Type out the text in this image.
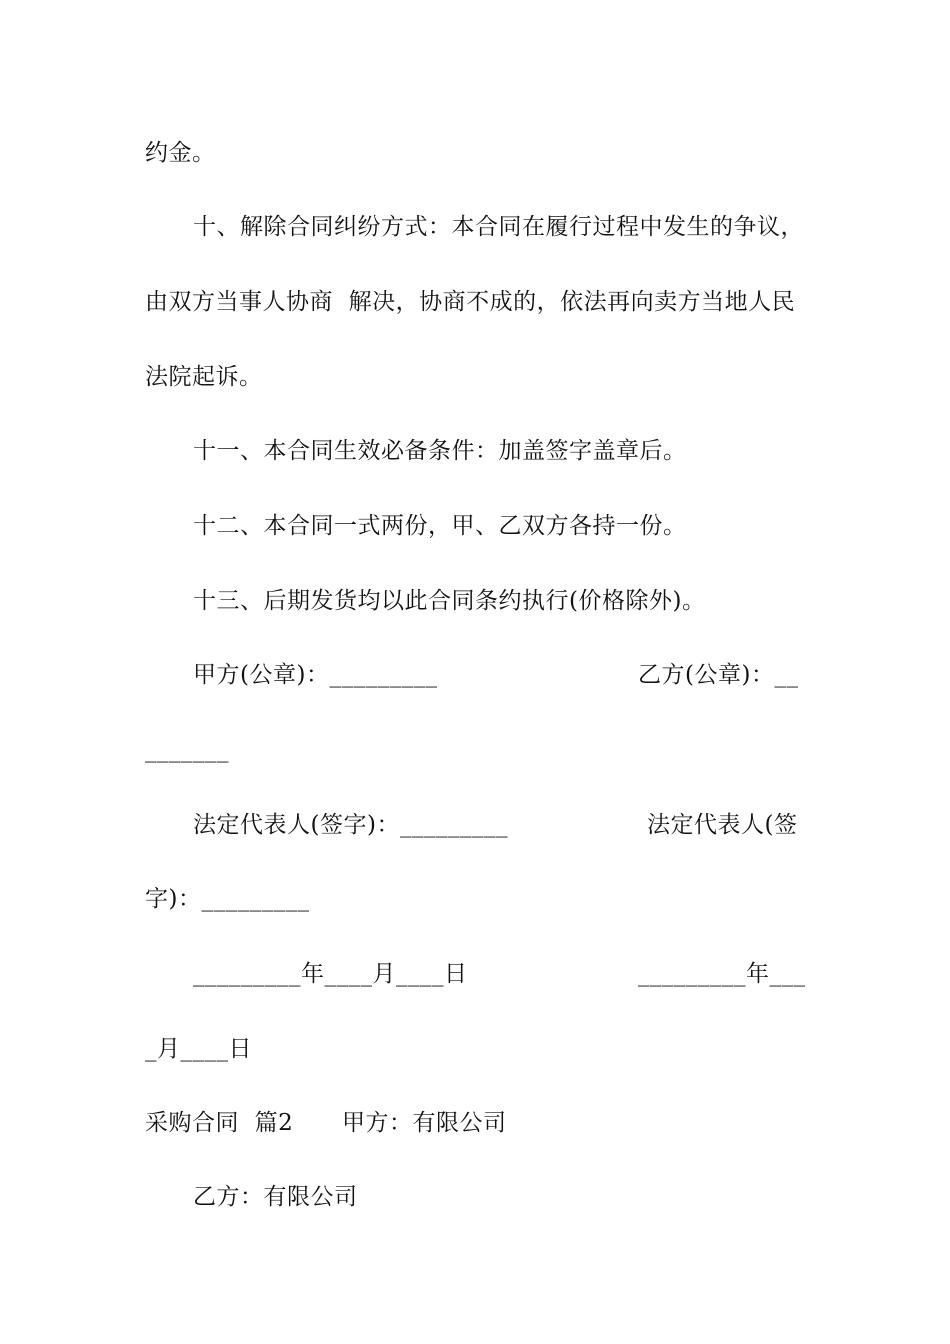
约金。
十、解除合同纠纷方式：本合同在履行过程中发生的争议，
由双方当事人协商  解决，协商不成的，依法再向卖方当地人民
法院起诉。
十一、本合同生效必备条件：加盖签字盖章后。
十二、本合同一式两份，甲、乙双方各持一份。
十三、后期发货均以此合同条约执行(价格除外)。
甲方(公章)：_________	乙方(公章)：__
_______
法定代表人(签字)：_________	法定代表人(签
字)：_________
_________年____月____日	_________年___
_月____日
采购合同  篇2 甲方：有限公司
乙方：有限公司
